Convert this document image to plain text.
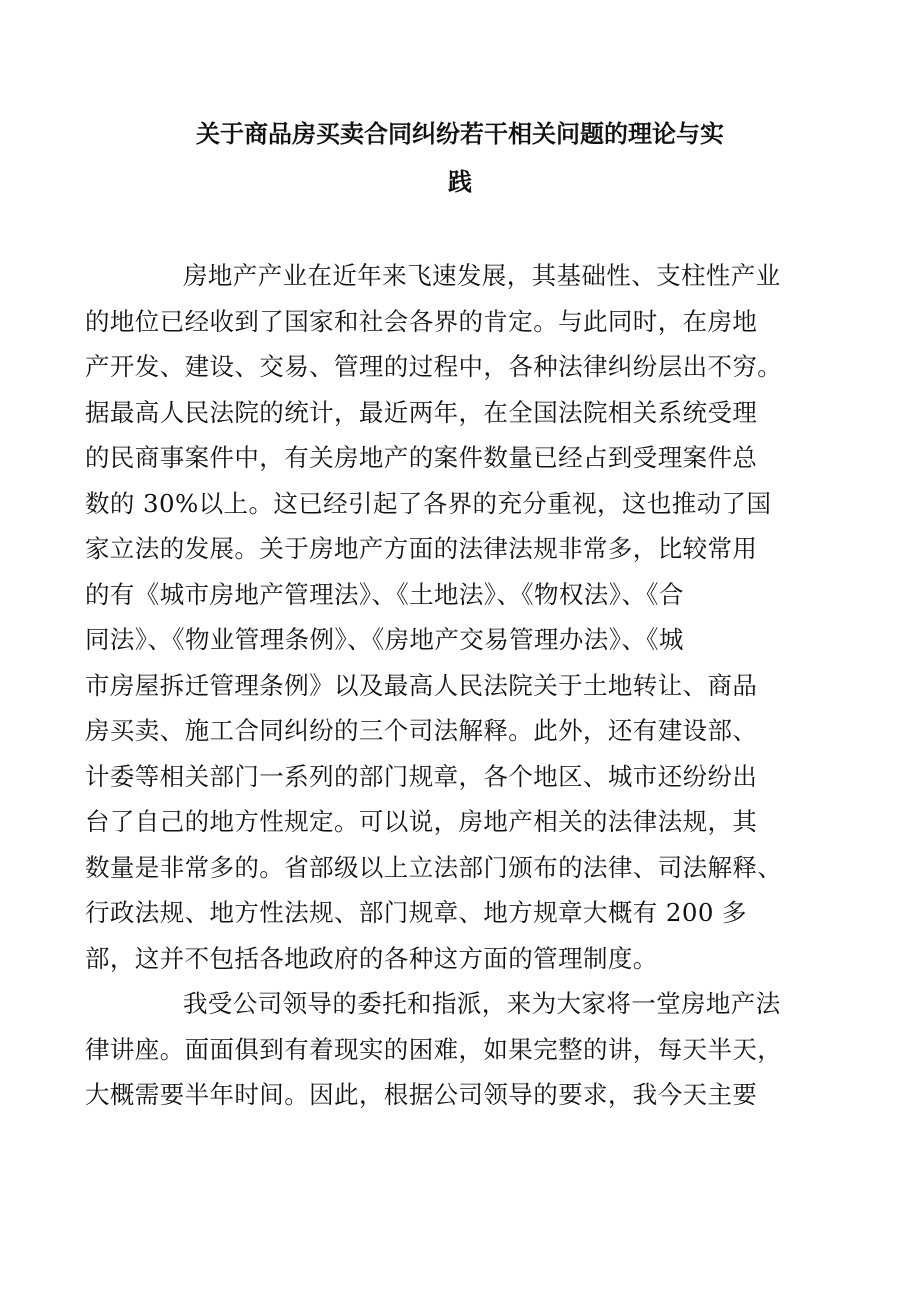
关于商品房买卖合同纠纷若干相关问题的理论与实
践

房地产产业在近年来飞速发展，其基础性、支柱性产业
的地位已经收到了国家和社会各界的肯定。与此同时，在房地
产开发、建设、交易、管理的过程中，各种法律纠纷层出不穷。
据最高人民法院的统计，最近两年，在全国法院相关系统受理
的民商事案件中，有关房地产的案件数量已经占到受理案件总
数的 30%以上。这已经引起了各界的充分重视，这也推动了国
家立法的发展。关于房地产方面的法律法规非常多，比较常用
的有《城市房地产管理法》、《土地法》、《物权法》、《合
同法》、《物业管理条例》、《房地产交易管理办法》、《城
市房屋拆迁管理条例》以及最高人民法院关于土地转让、商品
房买卖、施工合同纠纷的三个司法解释。此外，还有建设部、
计委等相关部门一系列的部门规章，各个地区、城市还纷纷出
台了自己的地方性规定。可以说，房地产相关的法律法规，其
数量是非常多的。省部级以上立法部门颁布的法律、司法解释、
行政法规、地方性法规、部门规章、地方规章大概有 200 多
部，这并不包括各地政府的各种这方面的管理制度。

我受公司领导的委托和指派，来为大家将一堂房地产法
律讲座。面面俱到有着现实的困难，如果完整的讲，每天半天，
大概需要半年时间。因此，根据公司领导的要求，我今天主要
